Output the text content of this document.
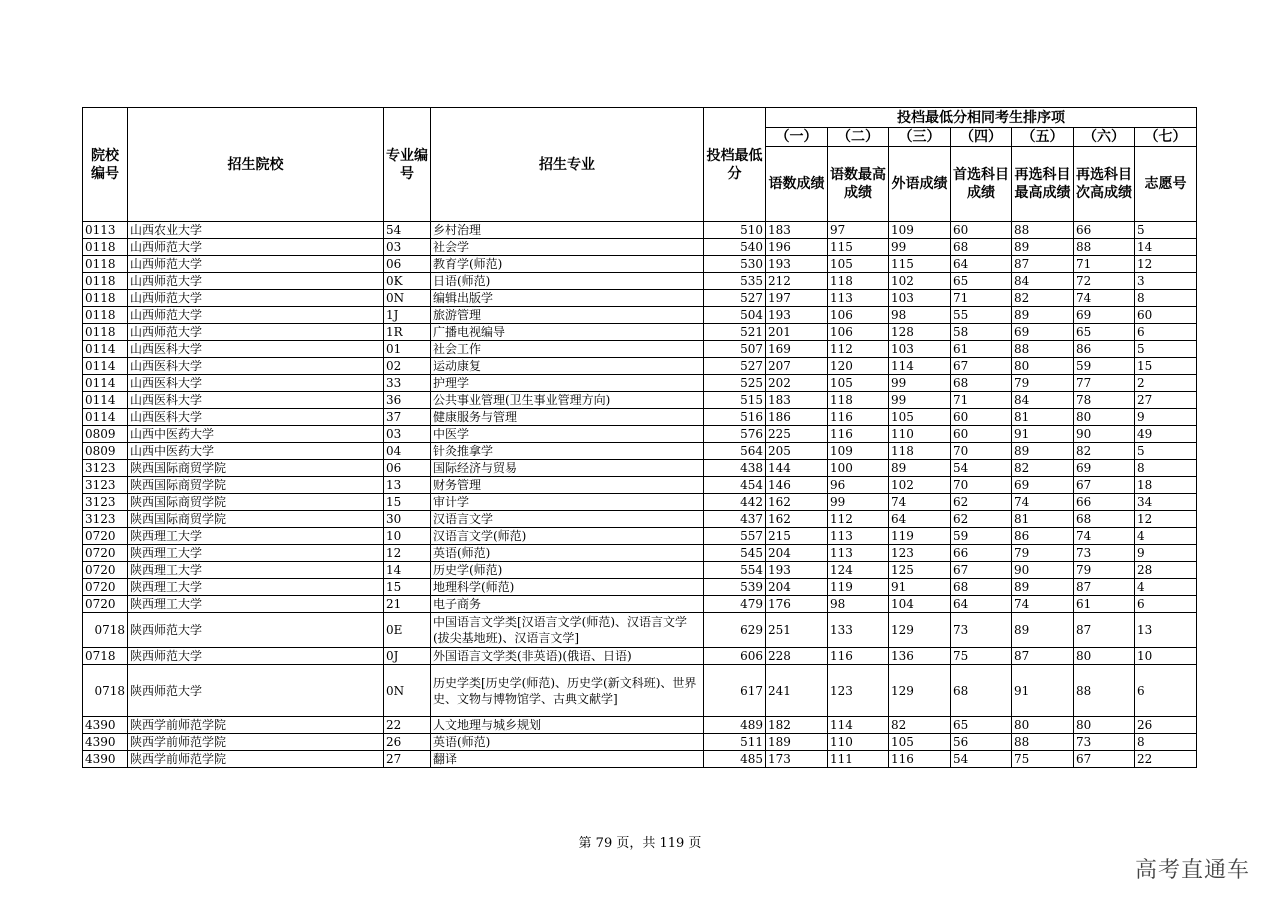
院校编号	招生院校	专业编号	招生专业	投档最低分	投档最低分相同考生排序项						
					（一）	（二）	（三）	（四）	（五）	（六）	（七）
					语数成绩	语数最高成绩	外语成绩	首选科目成绩	再选科目最高成绩	再选科目次高成绩	志愿号
0113	山西农业大学	54	乡村治理	510	183	97	109	60	88	66	5
0118	山西师范大学	03	社会学	540	196	115	99	68	89	88	14
0118	山西师范大学	06	教育学(师范)	530	193	105	115	64	87	71	12
0118	山西师范大学	0K	日语(师范)	535	212	118	102	65	84	72	3
0118	山西师范大学	0N	编辑出版学	527	197	113	103	71	82	74	8
0118	山西师范大学	1J	旅游管理	504	193	106	98	55	89	69	60
0118	山西师范大学	1R	广播电视编导	521	201	106	128	58	69	65	6
0114	山西医科大学	01	社会工作	507	169	112	103	61	88	86	5
0114	山西医科大学	02	运动康复	527	207	120	114	67	80	59	15
0114	山西医科大学	33	护理学	525	202	105	99	68	79	77	2
0114	山西医科大学	36	公共事业管理(卫生事业管理方向)	515	183	118	99	71	84	78	27
0114	山西医科大学	37	健康服务与管理	516	186	116	105	60	81	80	9
0809	山西中医药大学	03	中医学	576	225	116	110	60	91	90	49
0809	山西中医药大学	04	针灸推拿学	564	205	109	118	70	89	82	5
3123	陕西国际商贸学院	06	国际经济与贸易	438	144	100	89	54	82	69	8
3123	陕西国际商贸学院	13	财务管理	454	146	96	102	70	69	67	18
3123	陕西国际商贸学院	15	审计学	442	162	99	74	62	74	66	34
3123	陕西国际商贸学院	30	汉语言文学	437	162	112	64	62	81	68	12
0720	陕西理工大学	10	汉语言文学(师范)	557	215	113	119	59	86	74	4
0720	陕西理工大学	12	英语(师范)	545	204	113	123	66	79	73	9
0720	陕西理工大学	14	历史学(师范)	554	193	124	125	67	90	79	28
0720	陕西理工大学	15	地理科学(师范)	539	204	119	91	68	89	87	4
0720	陕西理工大学	21	电子商务	479	176	98	104	64	74	61	6
0718	陕西师范大学	0E	中国语言文学类[汉语言文学(师范)、汉语言文学(拔尖基地班)、汉语言文学]	629	251	133	129	73	89	87	13
0718	陕西师范大学	0J	外国语言文学类(非英语)(俄语、日语)	606	228	116	136	75	87	80	10
0718	陕西师范大学	0N	历史学类[历史学(师范)、历史学(新文科班)、世界史、文物与博物馆学、古典文献学]	617	241	123	129	68	91	88	6
4390	陕西学前师范学院	22	人文地理与城乡规划	489	182	114	82	65	80	80	26
4390	陕西学前师范学院	26	英语(师范)	511	189	110	105	56	88	73	8
4390	陕西学前师范学院	27	翻译	485	173	111	116	54	75	67	22
第 79 页，共 119 页
高考直通车
